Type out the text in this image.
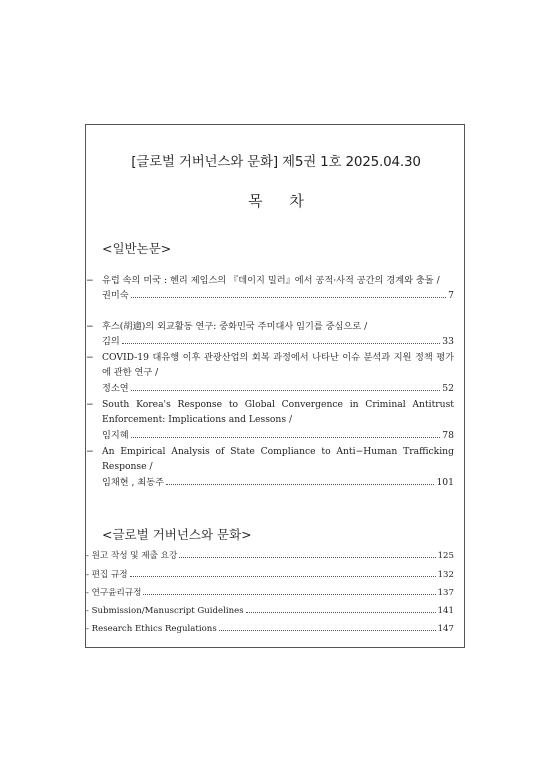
[글로벌 거버넌스와 문화] 제5권 1호 2025.04.30
목 차
<일반논문>
− 유럽 속의 미국 : 헨리 제임스의 『데이지 밀러』에서 공적·사적 공간의 경계와 충돌 /
권미숙	7
− 후스(胡適)의 외교활동 연구: 중화민국 주미대사 임기를 중심으로 /
김의	33
− COVID-19 대유행 이후 관광산업의 회복 과정에서 나타난 이슈 분석과 지원 정책 평가에 관한 연구 /
정소연	52
− South Korea's Response to Global Convergence in Criminal Antitrust Enforcement: Implications and Lessons /
임지혜	78
− An Empirical Analysis of State Compliance to Anti−Human Trafficking Response /
임채현 , 최동주	101
<글로벌 거버넌스와 문화>
- 원고 작성 및 제출 요강	125
- 편집 규정	132
- 연구윤리규정	137
- Submission/Manuscript Guidelines	141
- Research Ethics Regulations	147
